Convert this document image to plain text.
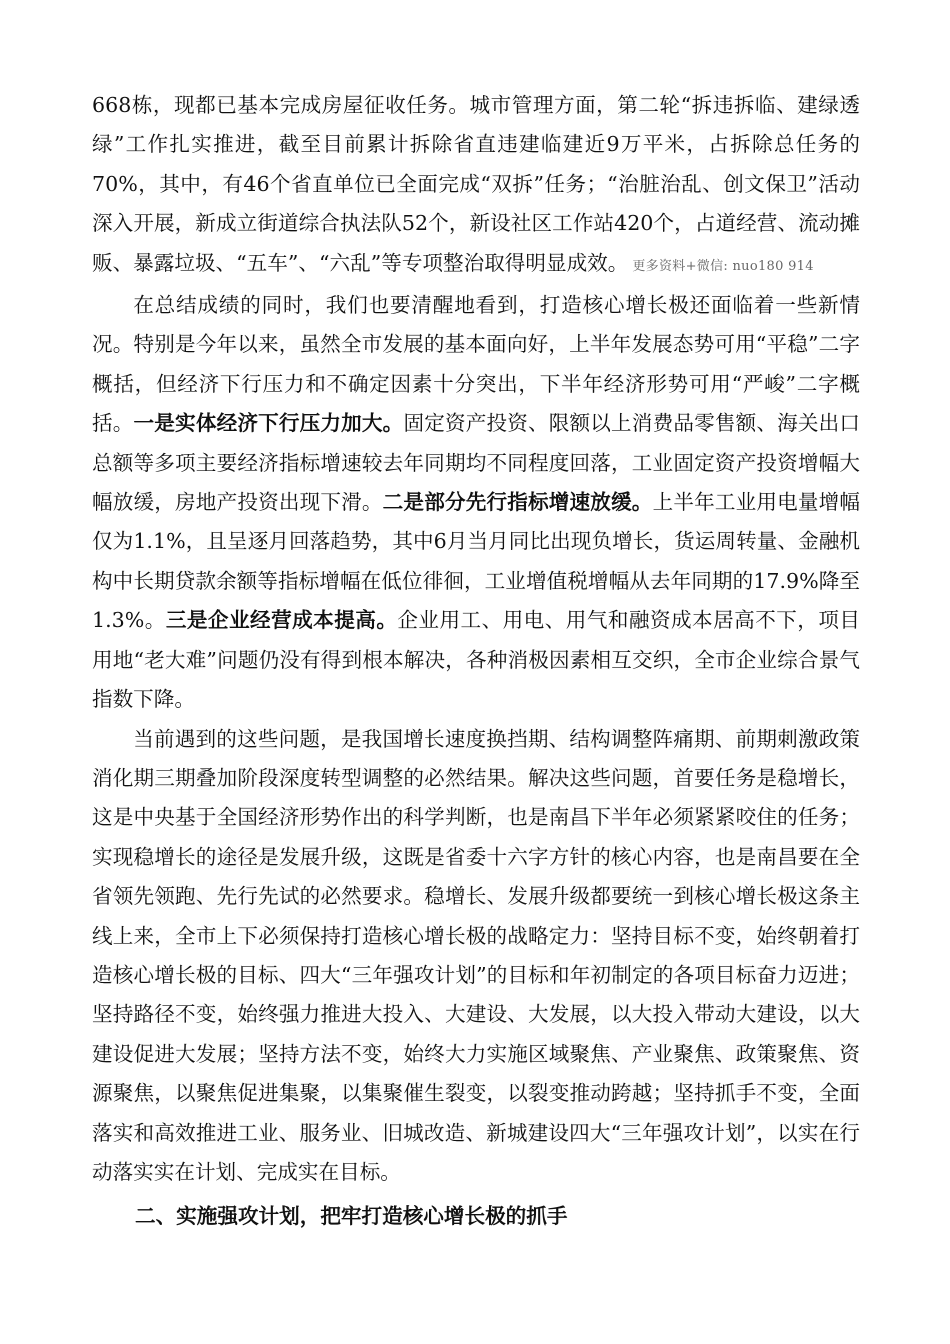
668栋，现都已基本完成房屋征收任务。城市管理方面，第二轮“拆违拆临、建绿透绿”工作扎实推进，截至目前累计拆除省直违建临建近9万平米，占拆除总任务的70%，其中，有46个省直单位已全面完成“双拆”任务；“治脏治乱、创文保卫”活动深入开展，新成立街道综合执法队52个，新设社区工作站420个，占道经营、流动摊贩、暴露垃圾、“五车”、“六乱”等专项整治取得明显成效。 更多资料+微信: nuo180 914

在总结成绩的同时，我们也要清醒地看到，打造核心增长极还面临着一些新情况。特别是今年以来，虽然全市发展的基本面向好，上半年发展态势可用“平稳”二字概括，但经济下行压力和不确定因素十分突出，下半年经济形势可用“严峻”二字概括。一是实体经济下行压力加大。固定资产投资、限额以上消费品零售额、海关出口总额等多项主要经济指标增速较去年同期均不同程度回落，工业固定资产投资增幅大幅放缓，房地产投资出现下滑。二是部分先行指标增速放缓。上半年工业用电量增幅仅为1.1%，且呈逐月回落趋势，其中6月当月同比出现负增长，货运周转量、金融机构中长期贷款余额等指标增幅在低位徘徊，工业增值税增幅从去年同期的17.9%降至1.3%。三是企业经营成本提高。企业用工、用电、用气和融资成本居高不下，项目用地“老大难”问题仍没有得到根本解决，各种消极因素相互交织，全市企业综合景气指数下降。

当前遇到的这些问题，是我国增长速度换挡期、结构调整阵痛期、前期刺激政策消化期三期叠加阶段深度转型调整的必然结果。解决这些问题，首要任务是稳增长，这是中央基于全国经济形势作出的科学判断，也是南昌下半年必须紧紧咬住的任务；实现稳增长的途径是发展升级，这既是省委十六字方针的核心内容，也是南昌要在全省领先领跑、先行先试的必然要求。稳增长、发展升级都要统一到核心增长极这条主线上来，全市上下必须保持打造核心增长极的战略定力：坚持目标不变，始终朝着打造核心增长极的目标、四大“三年强攻计划”的目标和年初制定的各项目标奋力迈进；坚持路径不变，始终强力推进大投入、大建设、大发展，以大投入带动大建设，以大建设促进大发展；坚持方法不变，始终大力实施区域聚焦、产业聚焦、政策聚焦、资源聚焦，以聚焦促进集聚，以集聚催生裂变，以裂变推动跨越；坚持抓手不变，全面落实和高效推进工业、服务业、旧城改造、新城建设四大“三年强攻计划”，以实在行动落实实在计划、完成实在目标。

二、实施强攻计划，把牢打造核心增长极的抓手
